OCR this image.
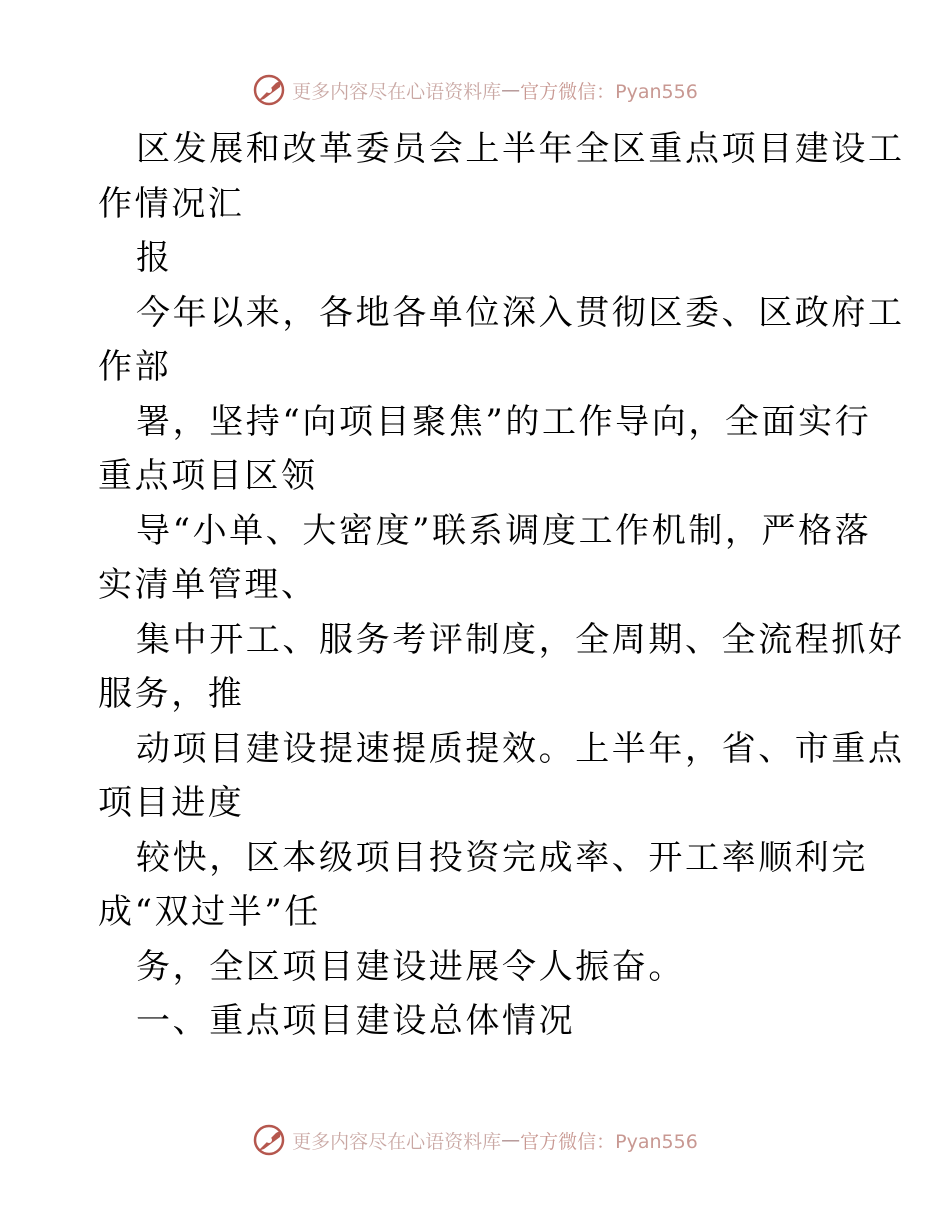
更多内容尽在心语资料库 — 官方微信：Pyan556

区发展和改革委员会上半年全区重点项目建设工

作情况汇

报

今年以来，各地各单位深入贯彻区委、区政府工

作部

署，坚持“向项目聚焦”的工作导向，全面实行

重点项目区领

导“小单、大密度”联系调度工作机制，严格落

实清单管理、

集中开工、服务考评制度，全周期、全流程抓好

服务，推

动项目建设提速提质提效。上半年，省、市重点

项目进度

较快，区本级项目投资完成率、开工率顺利完

成“双过半”任

务，全区项目建设进展令人振奋。

一、重点项目建设总体情况

更多内容尽在心语资料库 — 官方微信：Pyan556
